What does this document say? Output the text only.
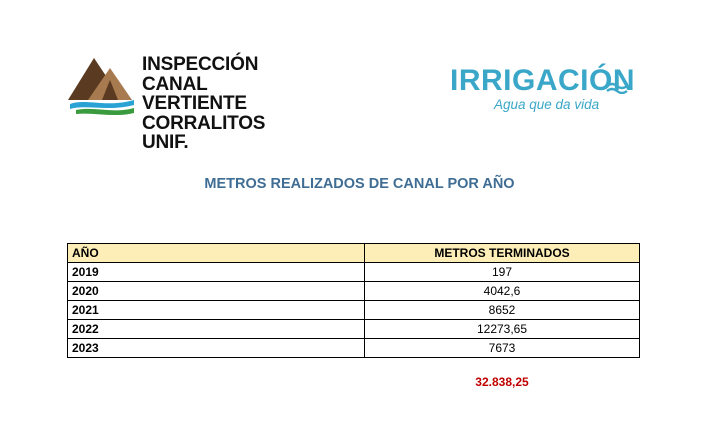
INSPECCIÓN
CANAL VERTIENTE
CORRALITOS UNIF.
IRRIGACIÓN
Agua que da vida
METROS REALIZADOS DE CANAL POR AÑO
AÑO	METROS TERMINADOS
2019	197
2020	4042,6
2021	8652
2022	12273,65
2023	7673
32.838,25
